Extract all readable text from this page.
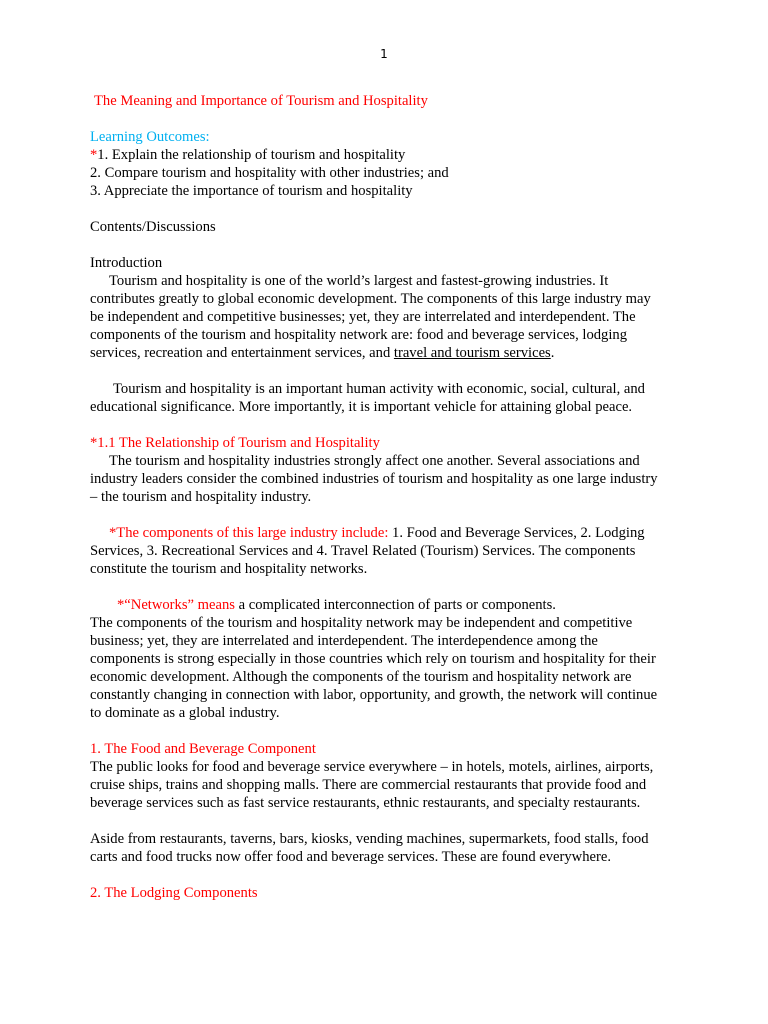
1
The Meaning and Importance of Tourism and Hospitality
Learning Outcomes:
*1. Explain the relationship of tourism and hospitality
2. Compare tourism and hospitality with other industries; and
3. Appreciate the importance of tourism and hospitality
Contents/Discussions
Introduction
Tourism and hospitality is one of the world’s largest and fastest-growing industries. It
contributes greatly to global economic development. The components of this large industry may
be independent and competitive businesses; yet, they are interrelated and interdependent. The
components of the tourism and hospitality network are: food and beverage services, lodging
services, recreation and entertainment services, and travel and tourism services.
Tourism and hospitality is an important human activity with economic, social, cultural, and
educational significance. More importantly, it is important vehicle for attaining global peace.
*1.1 The Relationship of Tourism and Hospitality
The tourism and hospitality industries strongly affect one another. Several associations and
industry leaders consider the combined industries of tourism and hospitality as one large industry
– the tourism and hospitality industry.
*The components of this large industry include: 1. Food and Beverage Services, 2. Lodging
Services, 3. Recreational Services and 4. Travel Related (Tourism) Services. The components
constitute the tourism and hospitality networks.
*“Networks” means a complicated interconnection of parts or components.
The components of the tourism and hospitality network may be independent and competitive
business; yet, they are interrelated and interdependent. The interdependence among the
components is strong especially in those countries which rely on tourism and hospitality for their
economic development. Although the components of the tourism and hospitality network are
constantly changing in connection with labor, opportunity, and growth, the network will continue
to dominate as a global industry.
1. The Food and Beverage Component
The public looks for food and beverage service everywhere – in hotels, motels, airlines, airports,
cruise ships, trains and shopping malls. There are commercial restaurants that provide food and
beverage services such as fast service restaurants, ethnic restaurants, and specialty restaurants.
Aside from restaurants, taverns, bars, kiosks, vending machines, supermarkets, food stalls, food
carts and food trucks now offer food and beverage services. These are found everywhere.
2. The Lodging Components
